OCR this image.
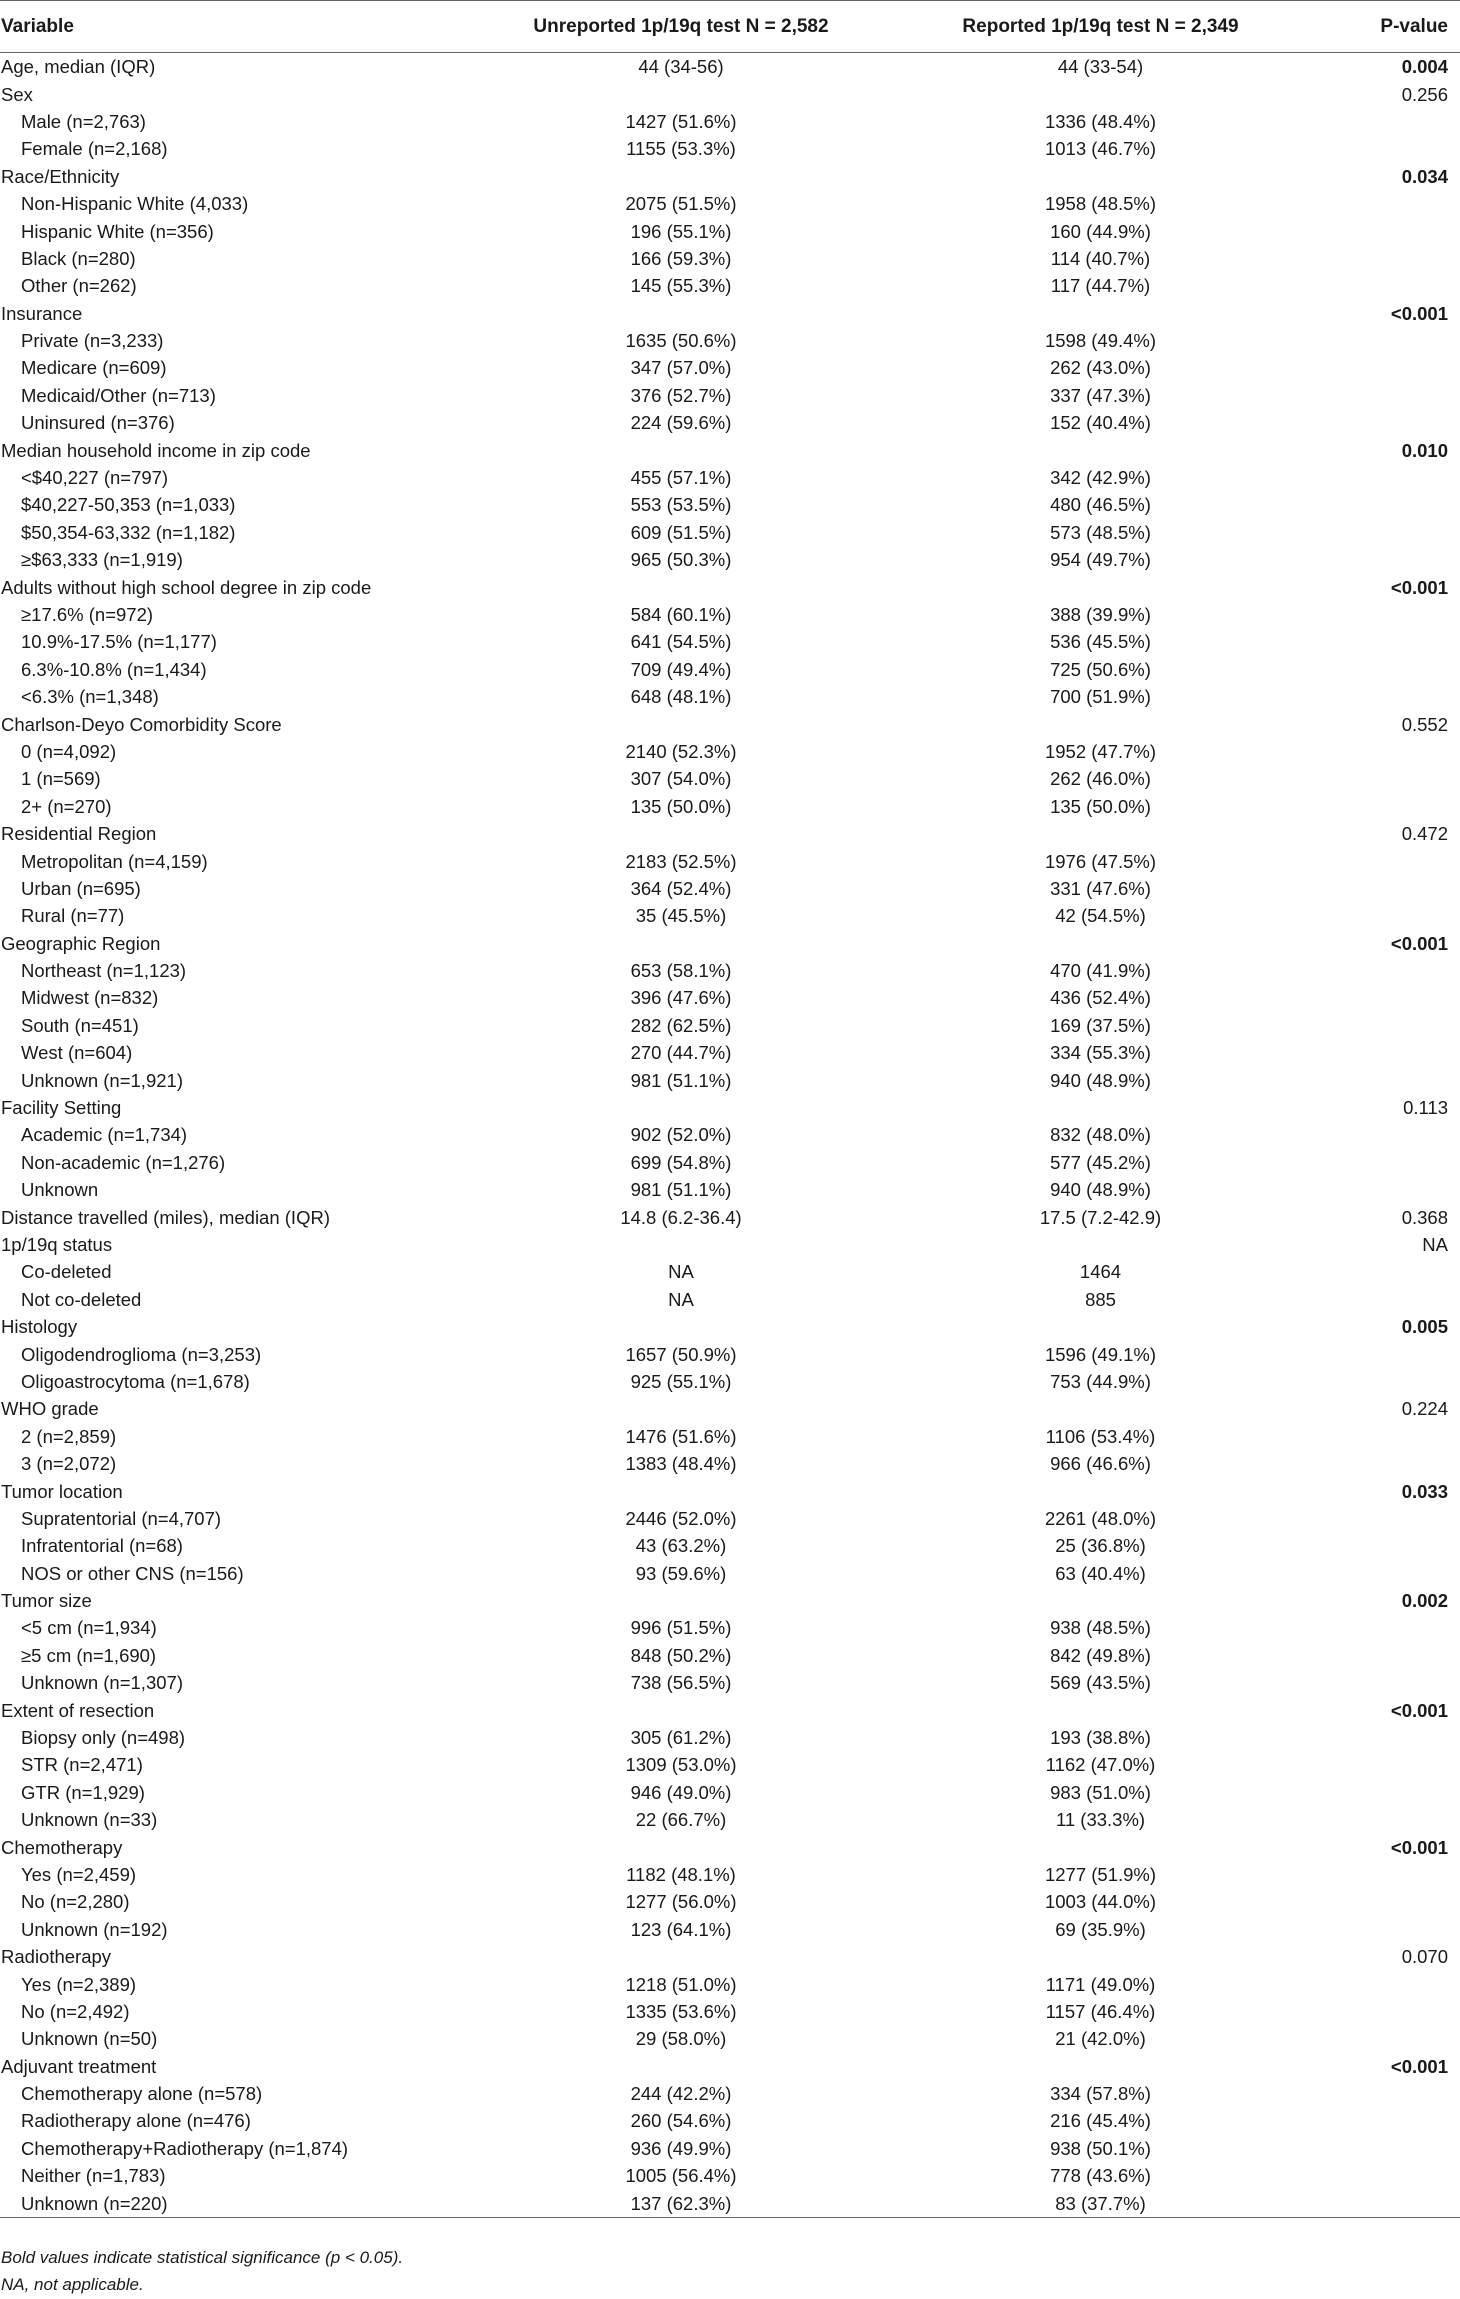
Variable	Unreported 1p/19q test N = 2,582	Reported 1p/19q test N = 2,349	P-value
Age, median (IQR)	44 (34-56)	44 (33-54)	0.004
Sex			0.256
Male (n=2,763)	1427 (51.6%)	1336 (48.4%)	
Female (n=2,168)	1155 (53.3%)	1013 (46.7%)	
Race/Ethnicity			0.034
Non-Hispanic White (4,033)	2075 (51.5%)	1958 (48.5%)	
Hispanic White (n=356)	196 (55.1%)	160 (44.9%)	
Black (n=280)	166 (59.3%)	114 (40.7%)	
Other (n=262)	145 (55.3%)	117 (44.7%)	
Insurance			<0.001
Private (n=3,233)	1635 (50.6%)	1598 (49.4%)	
Medicare (n=609)	347 (57.0%)	262 (43.0%)	
Medicaid/Other (n=713)	376 (52.7%)	337 (47.3%)	
Uninsured (n=376)	224 (59.6%)	152 (40.4%)	
Median household income in zip code			0.010
<$40,227 (n=797)	455 (57.1%)	342 (42.9%)	
$40,227-50,353 (n=1,033)	553 (53.5%)	480 (46.5%)	
$50,354-63,332 (n=1,182)	609 (51.5%)	573 (48.5%)	
≥$63,333 (n=1,919)	965 (50.3%)	954 (49.7%)	
Adults without high school degree in zip code			<0.001
≥17.6% (n=972)	584 (60.1%)	388 (39.9%)	
10.9%-17.5% (n=1,177)	641 (54.5%)	536 (45.5%)	
6.3%-10.8% (n=1,434)	709 (49.4%)	725 (50.6%)	
<6.3% (n=1,348)	648 (48.1%)	700 (51.9%)	
Charlson-Deyo Comorbidity Score			0.552
0 (n=4,092)	2140 (52.3%)	1952 (47.7%)	
1 (n=569)	307 (54.0%)	262 (46.0%)	
2+ (n=270)	135 (50.0%)	135 (50.0%)	
Residential Region			0.472
Metropolitan (n=4,159)	2183 (52.5%)	1976 (47.5%)	
Urban (n=695)	364 (52.4%)	331 (47.6%)	
Rural (n=77)	35 (45.5%)	42 (54.5%)	
Geographic Region			<0.001
Northeast (n=1,123)	653 (58.1%)	470 (41.9%)	
Midwest (n=832)	396 (47.6%)	436 (52.4%)	
South (n=451)	282 (62.5%)	169 (37.5%)	
West (n=604)	270 (44.7%)	334 (55.3%)	
Unknown (n=1,921)	981 (51.1%)	940 (48.9%)	
Facility Setting			0.113
Academic (n=1,734)	902 (52.0%)	832 (48.0%)	
Non-academic (n=1,276)	699 (54.8%)	577 (45.2%)	
Unknown	981 (51.1%)	940 (48.9%)	
Distance travelled (miles), median (IQR)	14.8 (6.2-36.4)	17.5 (7.2-42.9)	0.368
1p/19q status			NA
Co-deleted	NA	1464	
Not co-deleted	NA	885	
Histology			0.005
Oligodendroglioma (n=3,253)	1657 (50.9%)	1596 (49.1%)	
Oligoastrocytoma (n=1,678)	925 (55.1%)	753 (44.9%)	
WHO grade			0.224
2 (n=2,859)	1476 (51.6%)	1106 (53.4%)	
3 (n=2,072)	1383 (48.4%)	966 (46.6%)	
Tumor location			0.033
Supratentorial (n=4,707)	2446 (52.0%)	2261 (48.0%)	
Infratentorial (n=68)	43 (63.2%)	25 (36.8%)	
NOS or other CNS (n=156)	93 (59.6%)	63 (40.4%)	
Tumor size			0.002
<5 cm (n=1,934)	996 (51.5%)	938 (48.5%)	
≥5 cm (n=1,690)	848 (50.2%)	842 (49.8%)	
Unknown (n=1,307)	738 (56.5%)	569 (43.5%)	
Extent of resection			<0.001
Biopsy only (n=498)	305 (61.2%)	193 (38.8%)	
STR (n=2,471)	1309 (53.0%)	1162 (47.0%)	
GTR (n=1,929)	946 (49.0%)	983 (51.0%)	
Unknown (n=33)	22 (66.7%)	11 (33.3%)	
Chemotherapy			<0.001
Yes (n=2,459)	1182 (48.1%)	1277 (51.9%)	
No (n=2,280)	1277 (56.0%)	1003 (44.0%)	
Unknown (n=192)	123 (64.1%)	69 (35.9%)	
Radiotherapy			0.070
Yes (n=2,389)	1218 (51.0%)	1171 (49.0%)	
No (n=2,492)	1335 (53.6%)	1157 (46.4%)	
Unknown (n=50)	29 (58.0%)	21 (42.0%)	
Adjuvant treatment			<0.001
Chemotherapy alone (n=578)	244 (42.2%)	334 (57.8%)	
Radiotherapy alone (n=476)	260 (54.6%)	216 (45.4%)	
Chemotherapy+Radiotherapy (n=1,874)	936 (49.9%)	938 (50.1%)	
Neither (n=1,783)	1005 (56.4%)	778 (43.6%)	
Unknown (n=220)	137 (62.3%)	83 (37.7%)	
Bold values indicate statistical significance (p < 0.05).
NA, not applicable.
